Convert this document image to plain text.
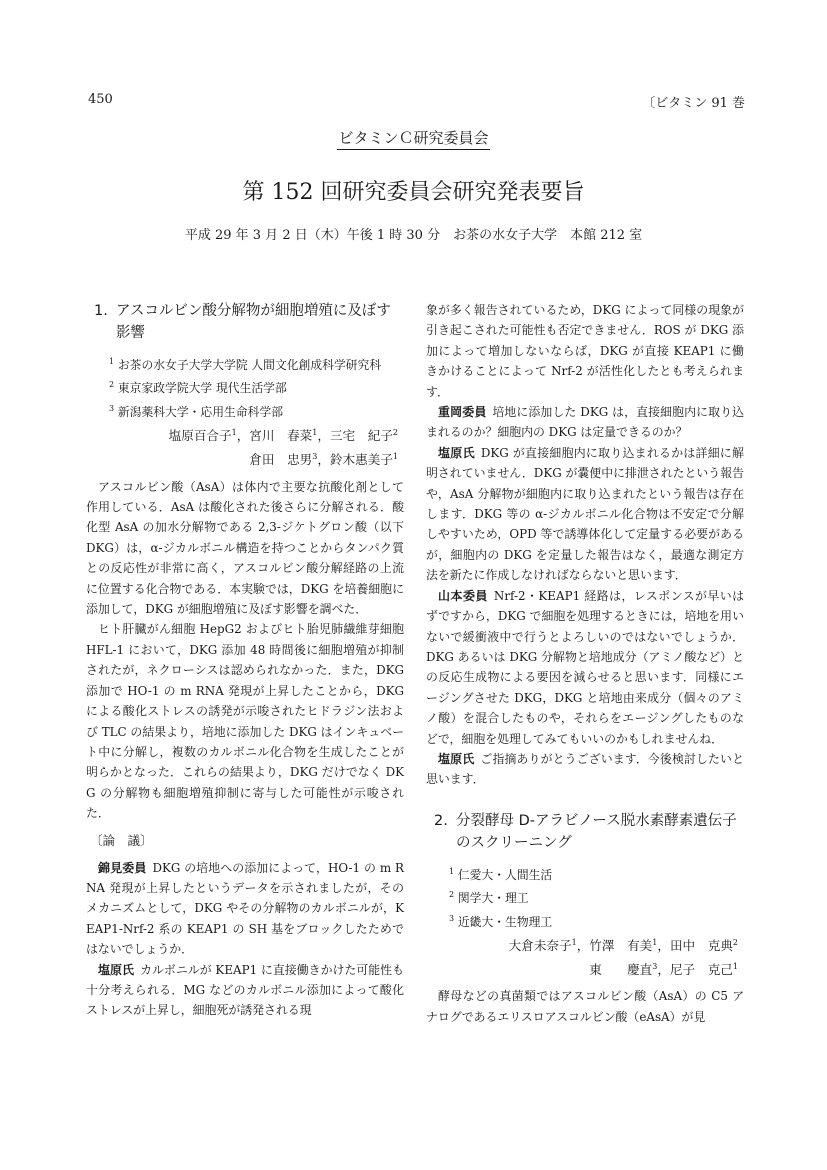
450	〔ビタミン 91 巻
ビタミンＣ研究委員会
第 152 回研究委員会研究発表要旨
平成 29 年 3 月 2 日（木）午後 1 時 30 分　お茶の水女子大学　本館 212 室
1. アスコルビン酸分解物が細胞増殖に及ぼす影響
$^1$ お茶の水女子大学大学院 人間文化創成科学研究科
$^2$ 東京家政学院大学 現代生活学部
$^3$ 新潟薬科大学・応用生命科学部
塩原百合子$^1$，宮川　春菜$^1$，三宅　紀子$^2$
倉田　忠男$^3$，鈴木惠美子$^1$

アスコルビン酸（AsA）は体内で主要な抗酸化剤として作用している．AsA は酸化された後さらに分解される．酸化型 AsA の加水分解物である 2,3-ジケトグロン酸（以下 DKG）は，α-ジカルボニル構造を持つことからタンパク質との反応性が非常に高く，アスコルビン酸分解経路の上流に位置する化合物である．本実験では，DKG を培養細胞に添加して，DKG が細胞増殖に及ぼす影響を調べた．

ヒト肝臓がん細胞 HepG2 およびヒト胎児肺繊維芽細胞 HFL-1 において，DKG 添加 48 時間後に細胞増殖が抑制されたが，ネクローシスは認められなかった．また，DKG 添加で HO-1 の m RNA 発現が上昇したことから，DKG による酸化ストレスの誘発が示唆されたヒドラジン法および TLC の結果より，培地に添加した DKG はインキュベート中に分解し，複数のカルボニル化合物を生成したことが明らかとなった．これらの結果より，DKG だけでなく DKG の分解物も細胞増殖抑制に寄与した可能性が示唆された．

〔論　議〕

錦見委員 DKG の培地への添加によって，HO-1 の m RNA 発現が上昇したというデータを示されましたが，そのメカニズムとして，DKG やその分解物のカルボニルが，KEAP1-Nrf-2 系の KEAP1 の SH 基をブロックしたためではないでしょうか．

塩原氏 カルボニルが KEAP1 に直接働きかけた可能性も十分考えられる．MG などのカルボニル添加によって酸化ストレスが上昇し，細胞死が誘発される現

象が多く報告されているため，DKG によって同様の現象が引き起こされた可能性も否定できません．ROS が DKG 添加によって増加しないならば，DKG が直接 KEAP1 に働きかけることによって Nrf-2 が活性化したとも考えられます．

重岡委員 培地に添加した DKG は，直接細胞内に取り込まれるのか？細胞内の DKG は定量できるのか？

塩原氏 DKG が直接細胞内に取り込まれるかは詳細に解明されていません．DKG が嚢便中に排泄されたという報告や，AsA 分解物が細胞内に取り込まれたという報告は存在します．DKG 等の α-ジカルボニル化合物は不安定で分解しやすいため，OPD 等で誘導体化して定量する必要があるが，細胞内の DKG を定量した報告はなく，最適な測定方法を新たに作成しなければならないと思います．

山本委員 Nrf-2・KEAP1 経路は，レスポンスが早いはずですから，DKG で細胞を処理するときには，培地を用いないで緩衝液中で行うとよろしいのではないでしょうか．DKG あるいは DKG 分解物と培地成分（アミノ酸など）との反応生成物による要因を減らせると思います．同様にエージングさせた DKG，DKG と培地由来成分（個々のアミノ酸）を混合したものや，それらをエージングしたものなどで，細胞を処理してみてもいいのかもしれませんね．

塩原氏 ご指摘ありがとうございます．今後検討したいと思います．

2. 分裂酵母 D-アラビノース脱水素酵素遺伝子のスクリーニング
$^1$ 仁愛大・人間生活
$^2$ 関学大・理工
$^3$ 近畿大・生物理工
大倉未奈子$^1$，竹澤　有美$^1$，田中　克典$^2$
東　　慶直$^3$，尼子　克己$^1$

酵母などの真菌類ではアスコルビン酸（AsA）の C5 アナログであるエリスロアスコルビン酸（eAsA）が見
